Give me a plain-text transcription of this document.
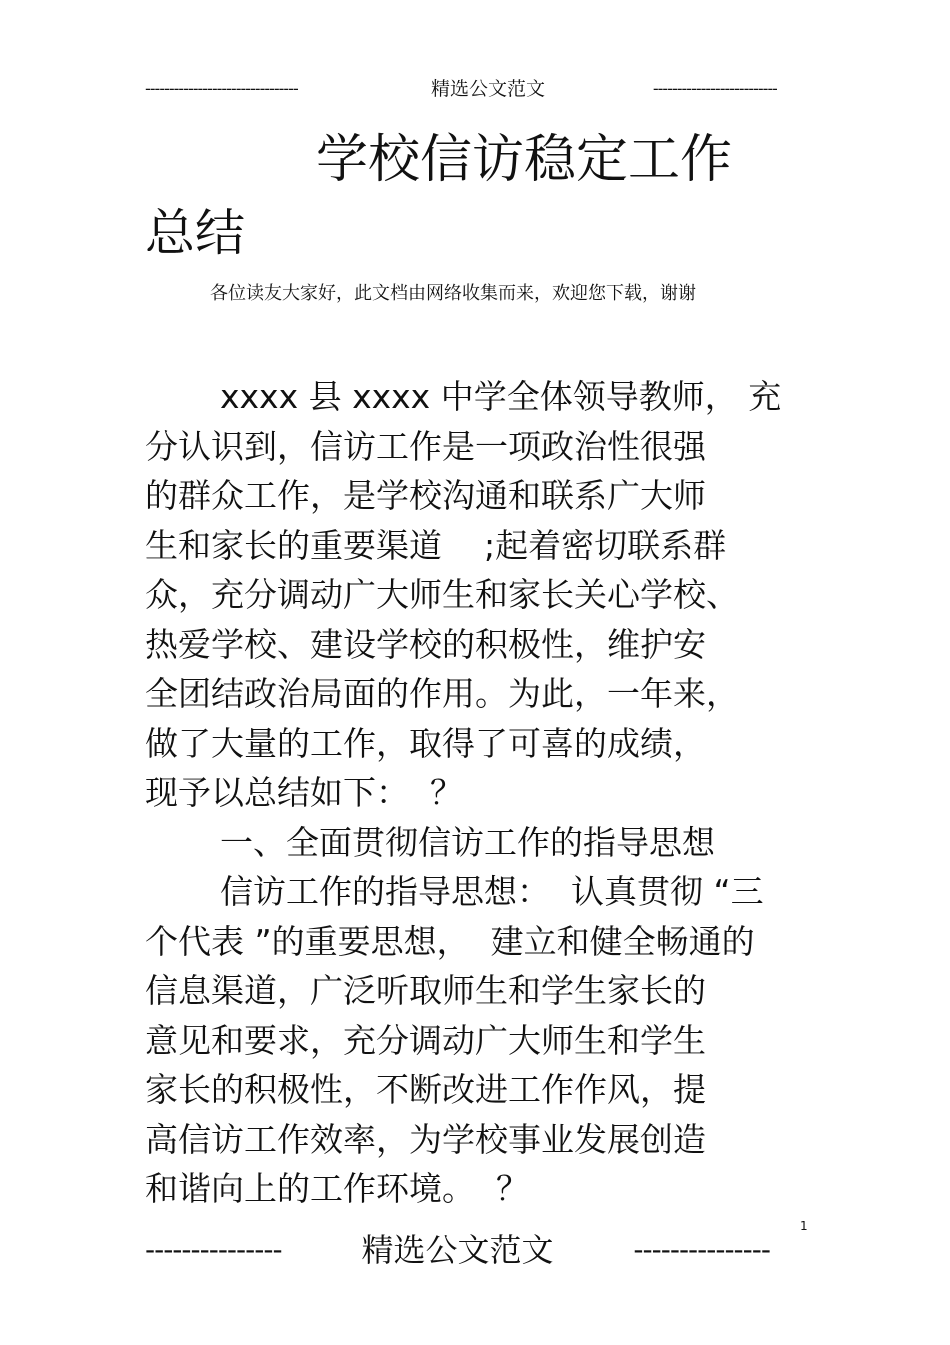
--------------------------------	精选公文范文	--------------------------
学校信访稳定工作
总结
各位读友大家好，此文档由网络收集而来，欢迎您下载，谢谢
xxxx 县 xxxx 中学全体领导教师， 充
分认识到，信访工作是一项政治性很强
的群众工作，是学校沟通和联系广大师
生和家长的重要渠道    ;起着密切联系群
众，充分调动广大师生和家长关心学校、
热爱学校、建设学校的积极性，维护安
全团结政治局面的作用。为此，一年来，
做了大量的工作，取得了可喜的成绩，
现予以总结如下：  ？
一、全面贯彻信访工作的指导思想
信访工作的指导思想：  认真贯彻 “三
个代表 ”的重要思想，  建立和健全畅通的
信息渠道，广泛听取师生和学生家长的
意见和要求，充分调动广大师生和学生
家长的积极性，不断改进工作作风，提
高信访工作效率，为学校事业发展创造
和谐向上的工作环境。  ？
1
---------------	精选公文范文	---------------
